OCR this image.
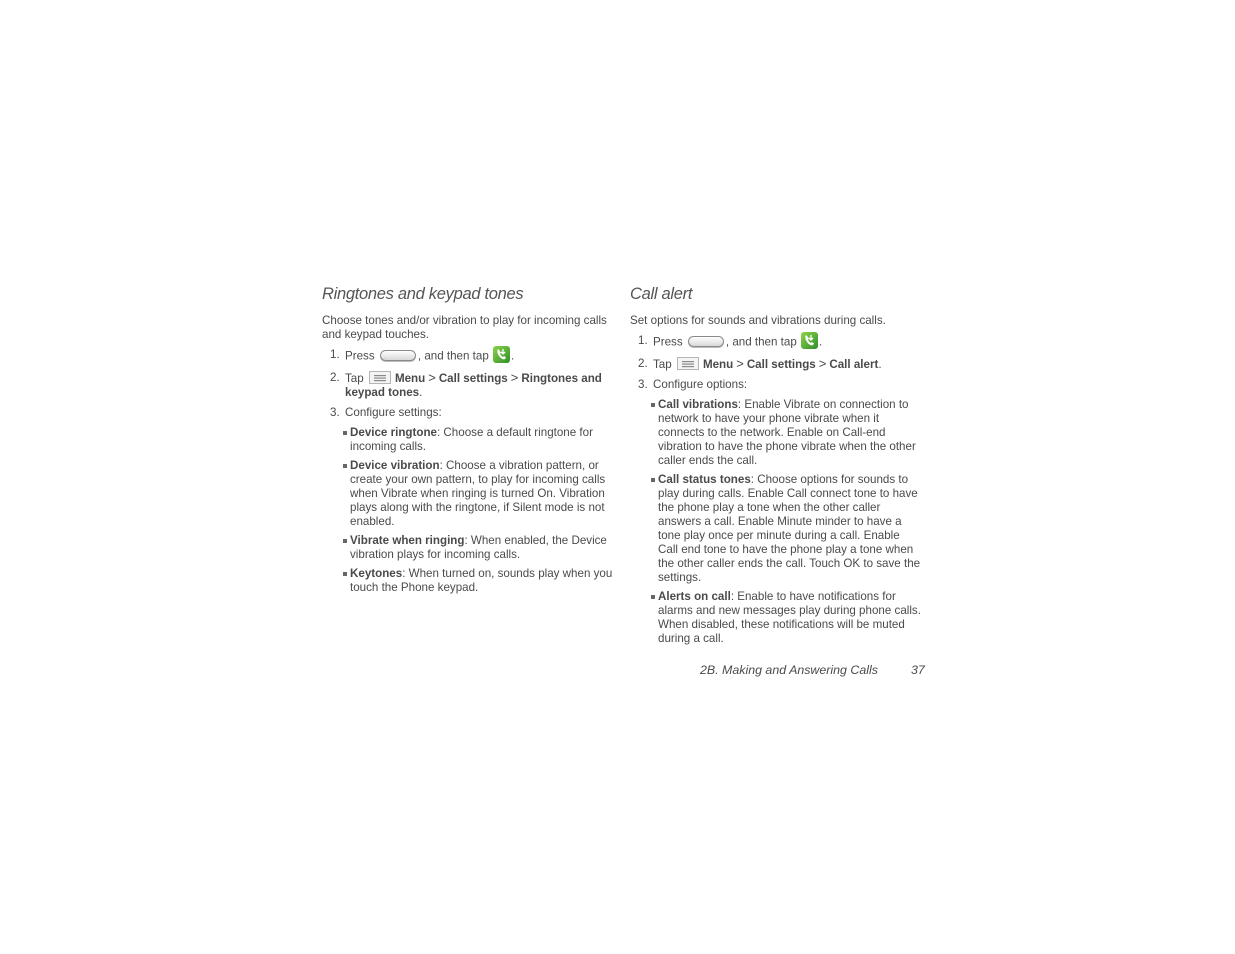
Ringtones and keypad tones

Choose tones and/or vibration to play for incoming calls and keypad touches.

1. Press	, and then tap .
2. Tap	Menu > Call settings > Ringtones and keypad tones.
3. Configure settings:
Device ringtone: Choose a default ringtone for incoming calls.
Device vibration: Choose a vibration pattern, or create your own pattern, to play for incoming calls when Vibrate when ringing is turned On. Vibration plays along with the ringtone, if Silent mode is not enabled.
Vibrate when ringing: When enabled, the Device vibration plays for incoming calls.
Keytones: When turned on, sounds play when you touch the Phone keypad.
Call alert

Set options for sounds and vibrations during calls.

1. Press	, and then tap .
2. Tap	Menu > Call settings > Call alert.
3. Configure options:
Call vibrations: Enable Vibrate on connection to network to have your phone vibrate when it connects to the network. Enable on Call-end vibration to have the phone vibrate when the other caller ends the call.
Call status tones: Choose options for sounds to play during calls. Enable Call connect tone to have the phone play a tone when the other caller answers a call. Enable Minute minder to have a tone play once per minute during a call. Enable Call end tone to have the phone play a tone when the other caller ends the call. Touch OK to save the settings.
Alerts on call: Enable to have notifications for alarms and new messages play during phone calls. When disabled, these notifications will be muted during a call.
2B. Making and Answering Calls	37
